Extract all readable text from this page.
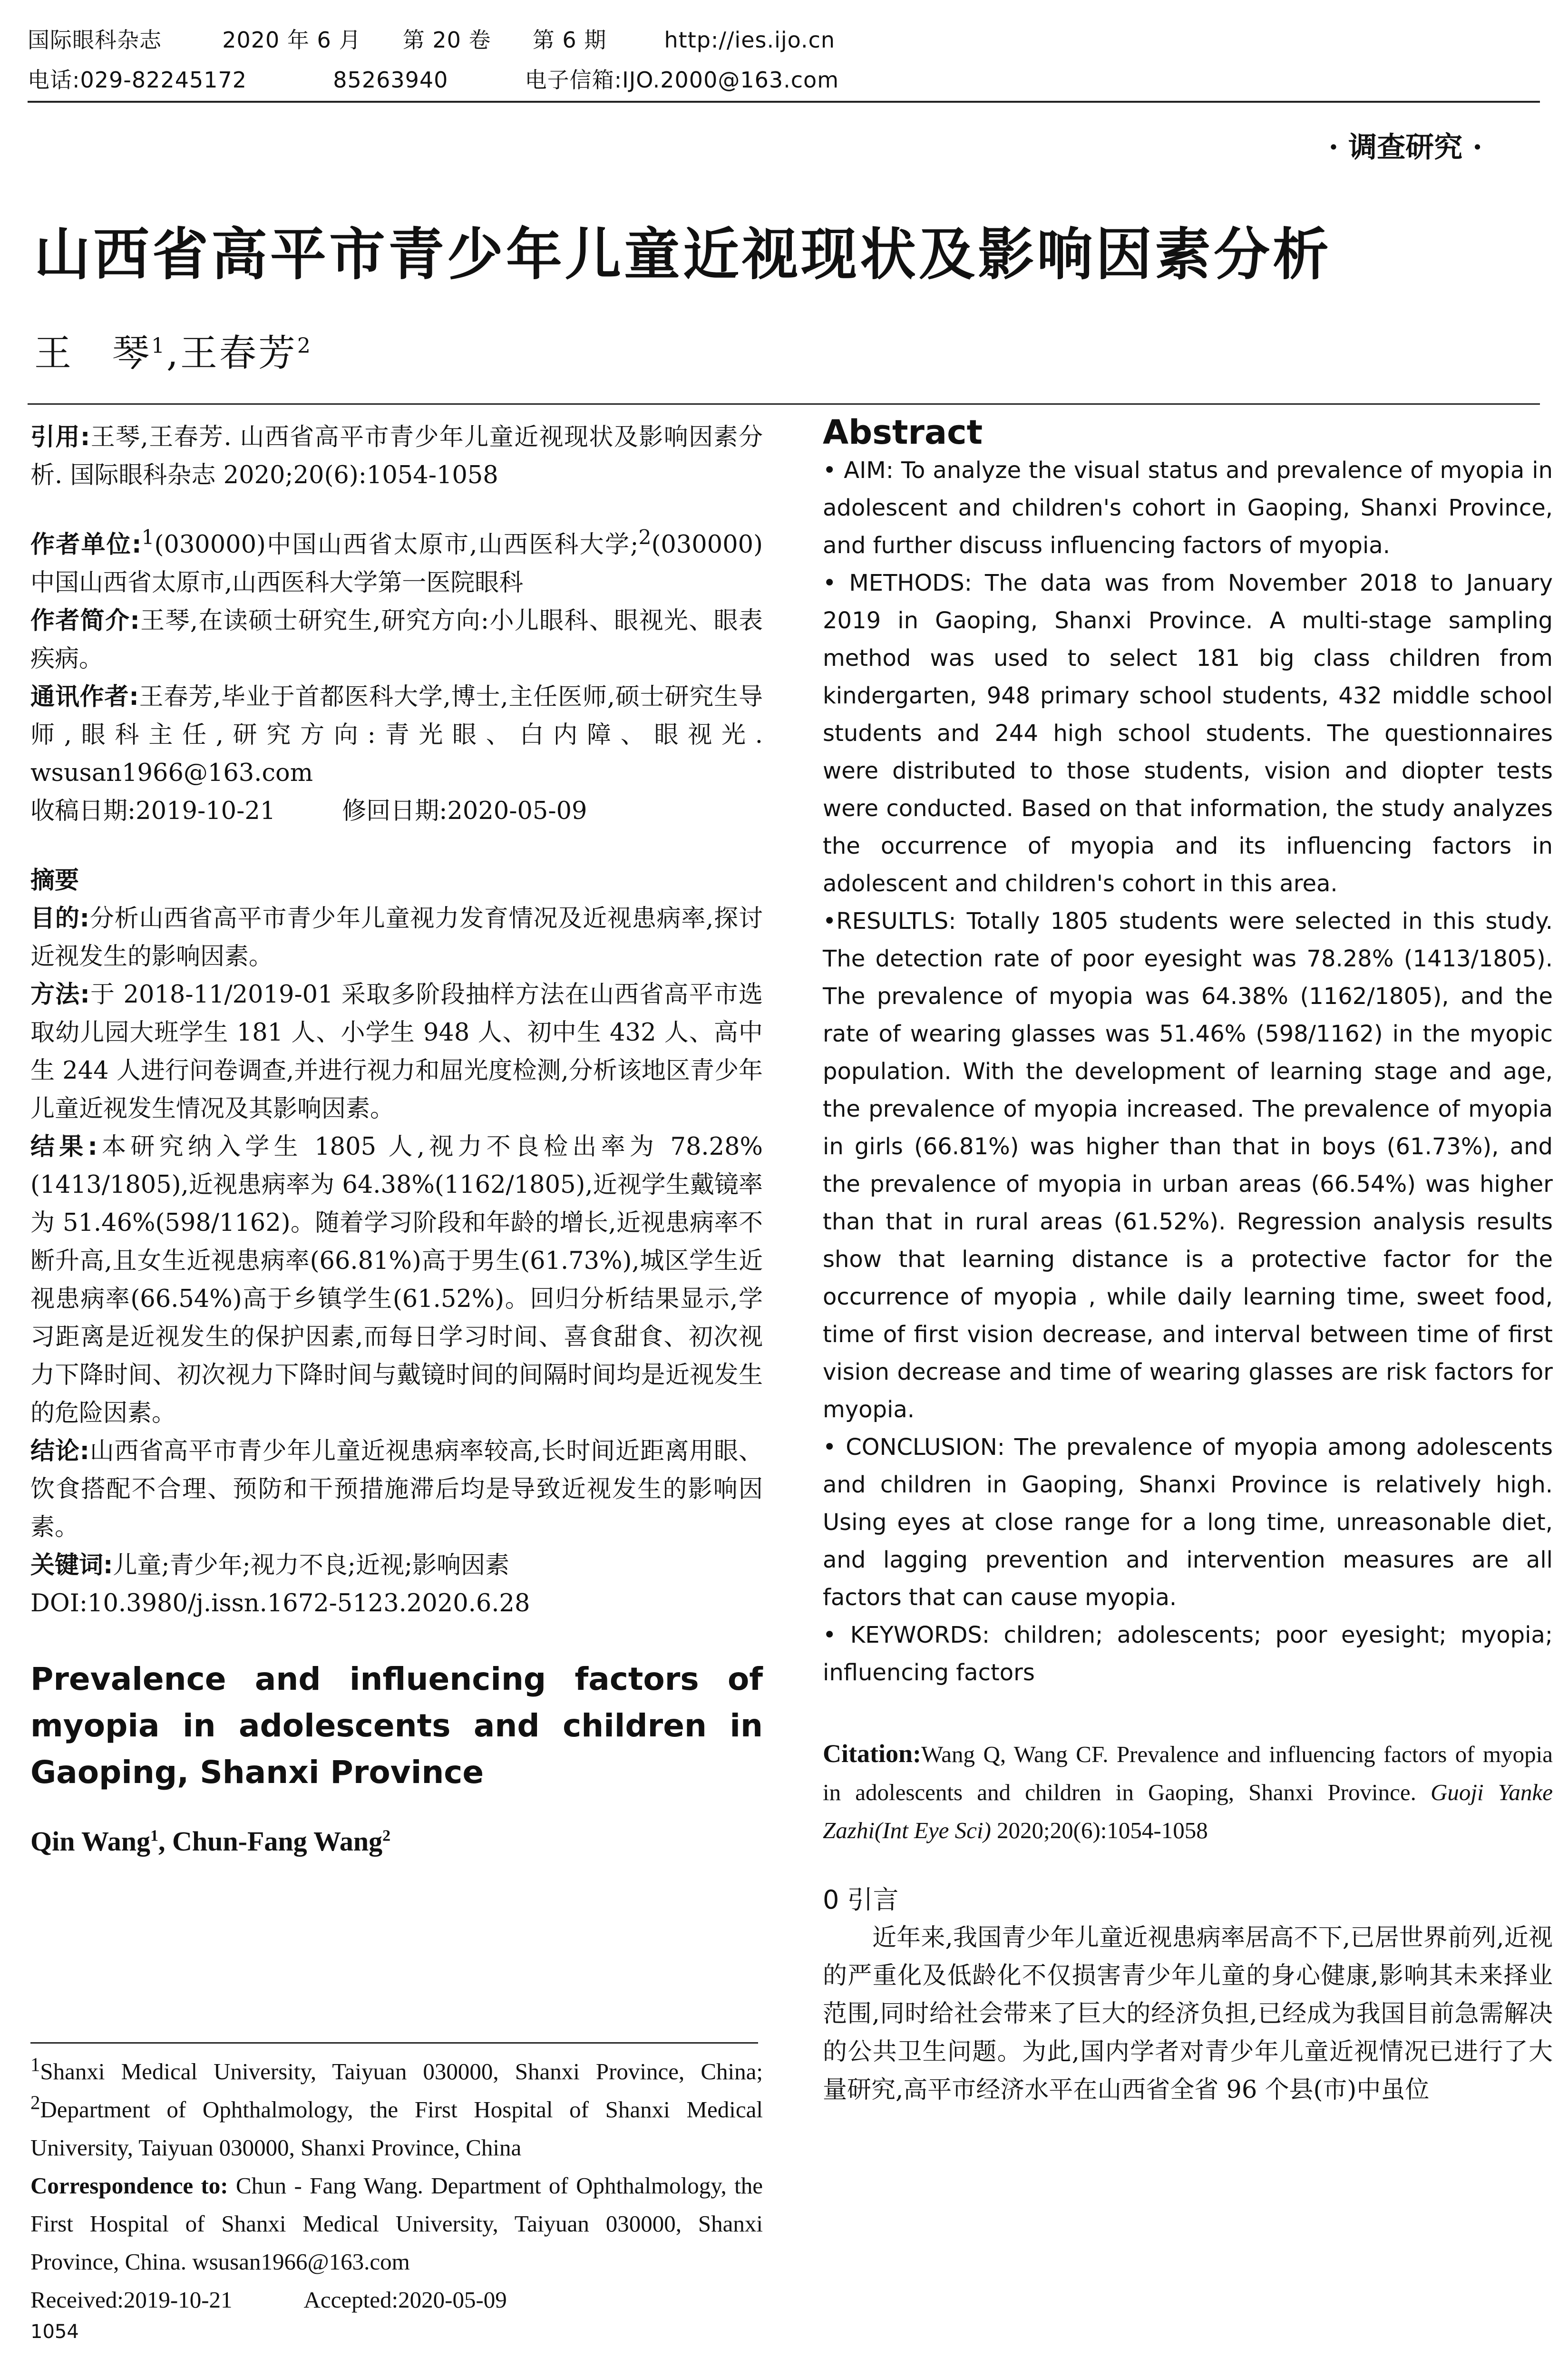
国际眼科杂志	2020 年 6 月 第 20 卷 第 6 期	http://ies.ijo.cn
电话:029-82245172	85263940	电子信箱:IJO.2000@163.com
· 调查研究 ·
山西省高平市青少年儿童近视现状及影响因素分析
王　琴$^1$,王春芳$^2$

引用:王琴,王春芳. 山西省高平市青少年儿童近视现状及影响因素分析. 国际眼科杂志 2020;20(6):1054-1058

作者单位:$^1$(030000)中国山西省太原市,山西医科大学;$^2$(030000)中国山西省太原市,山西医科大学第一医院眼科

作者简介:王琴,在读硕士研究生,研究方向:小儿眼科、眼视光、眼表疾病。

通讯作者:王春芳,毕业于首都医科大学,博士,主任医师,硕士研究生导师,眼科主任,研究方向:青光眼、白内障、眼视光. wsusan1966@163.com

收稿日期:2019-10-21	修回日期:2020-05-09

摘要

目的:分析山西省高平市青少年儿童视力发育情况及近视患病率,探讨近视发生的影响因素。

方法:于 2018-11/2019-01 采取多阶段抽样方法在山西省高平市选取幼儿园大班学生 181 人、小学生 948 人、初中生 432 人、高中生 244 人进行问卷调查,并进行视力和屈光度检测,分析该地区青少年儿童近视发生情况及其影响因素。

结果:本研究纳入学生 1805 人,视力不良检出率为 78.28%(1413/1805),近视患病率为 64.38%(1162/1805),近视学生戴镜率为 51.46%(598/1162)。随着学习阶段和年龄的增长,近视患病率不断升高,且女生近视患病率(66.81%)高于男生(61.73%),城区学生近视患病率(66.54%)高于乡镇学生(61.52%)。回归分析结果显示,学习距离是近视发生的保护因素,而每日学习时间、喜食甜食、初次视力下降时间、初次视力下降时间与戴镜时间的间隔时间均是近视发生的危险因素。

结论:山西省高平市青少年儿童近视患病率较高,长时间近距离用眼、饮食搭配不合理、预防和干预措施滞后均是导致近视发生的影响因素。

关键词:儿童;青少年;视力不良;近视;影响因素

DOI:10.3980/j.issn.1672-5123.2020.6.28

Prevalence and influencing factors of myopia in adolescents and children in Gaoping, Shanxi Province

Qin Wang$^1$, Chun-Fang Wang$^2$

$^1$Shanxi Medical University, Taiyuan 030000, Shanxi Province, China; $^2$Department of Ophthalmology, the First Hospital of Shanxi Medical University, Taiyuan 030000, Shanxi Province, China

Correspondence to: Chun - Fang Wang. Department of Ophthalmology, the First Hospital of Shanxi Medical University, Taiyuan 030000, Shanxi Province, China. wsusan1966@163.com

Received:2019-10-21	Accepted:2020-05-09

Abstract

• AIM: To analyze the visual status and prevalence of myopia in adolescent and children's cohort in Gaoping, Shanxi Province, and further discuss influencing factors of myopia.

• METHODS: The data was from November 2018 to January 2019 in Gaoping, Shanxi Province. A multi-stage sampling method was used to select 181 big class children from kindergarten, 948 primary school students, 432 middle school students and 244 high school students. The questionnaires were distributed to those students, vision and diopter tests were conducted. Based on that information, the study analyzes the occurrence of myopia and its influencing factors in adolescent and children's cohort in this area.

•RESULTLS: Totally 1805 students were selected in this study. The detection rate of poor eyesight was 78.28% (1413/1805). The prevalence of myopia was 64.38% (1162/1805), and the rate of wearing glasses was 51.46% (598/1162) in the myopic population. With the development of learning stage and age, the prevalence of myopia increased. The prevalence of myopia in girls (66.81%) was higher than that in boys (61.73%), and the prevalence of myopia in urban areas (66.54%) was higher than that in rural areas (61.52%). Regression analysis results show that learning distance is a protective factor for the occurrence of myopia , while daily learning time, sweet food, time of first vision decrease, and interval between time of first vision decrease and time of wearing glasses are risk factors for myopia.

• CONCLUSION: The prevalence of myopia among adolescents and children in Gaoping, Shanxi Province is relatively high. Using eyes at close range for a long time, unreasonable diet, and lagging prevention and intervention measures are all factors that can cause myopia.

• KEYWORDS: children; adolescents; poor eyesight; myopia; influencing factors

Citation:Wang Q, Wang CF. Prevalence and influencing factors of myopia in adolescents and children in Gaoping, Shanxi Province. Guoji Yanke Zazhi(Int Eye Sci) 2020;20(6):1054-1058

0 引言

近年来,我国青少年儿童近视患病率居高不下,已居世界前列,近视的严重化及低龄化不仅损害青少年儿童的身心健康,影响其未来择业范围,同时给社会带来了巨大的经济负担,已经成为我国目前急需解决的公共卫生问题。为此,国内学者对青少年儿童近视情况已进行了大量研究,高平市经济水平在山西省全省 96 个县(市)中虽位

1054
